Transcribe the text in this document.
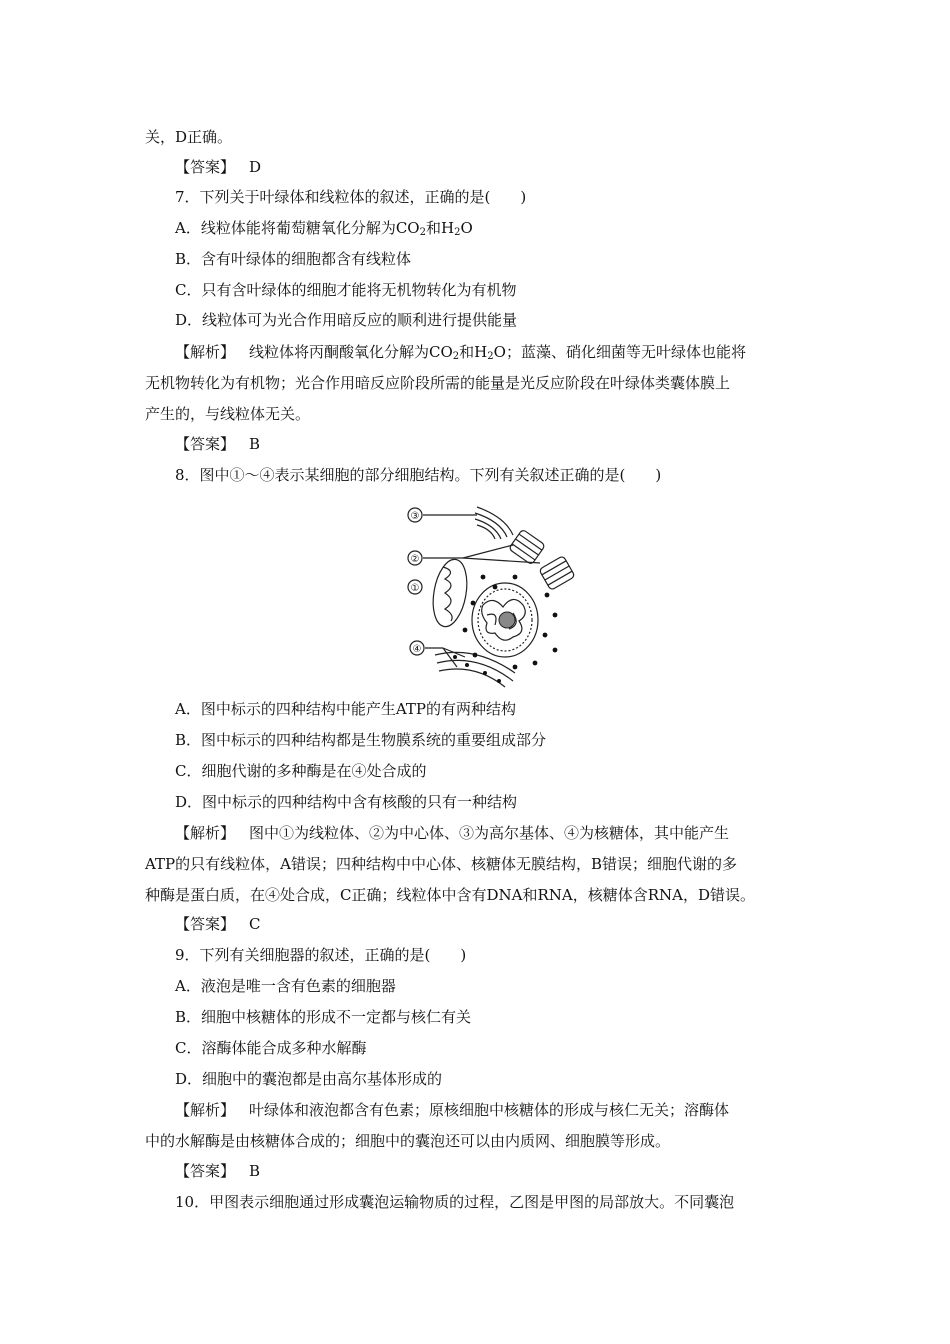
关，D正确。
【答案】 D
7．下列关于叶绿体和线粒体的叙述，正确的是(　　)
A．线粒体能将葡萄糖氧化分解为$CO_2$和$H_2O$
B．含有叶绿体的细胞都含有线粒体
C．只有含叶绿体的细胞才能将无机物转化为有机物
D．线粒体可为光合作用暗反应的顺利进行提供能量
【解析】 线粒体将丙酮酸氧化分解为$CO_2$和$H_2O$；蓝藻、硝化细菌等无叶绿体也能将
无机物转化为有机物；光合作用暗反应阶段所需的能量是光反应阶段在叶绿体类囊体膜上
产生的，与线粒体无关。
【答案】 B
8．图中①～④表示某细胞的部分细胞结构。下列有关叙述正确的是(　　)
③
②
①
④
A．图中标示的四种结构中能产生ATP的有两种结构
B．图中标示的四种结构都是生物膜系统的重要组成部分
C．细胞代谢的多种酶是在④处合成的
D．图中标示的四种结构中含有核酸的只有一种结构
【解析】 图中①为线粒体、②为中心体、③为高尔基体、④为核糖体，其中能产生
ATP的只有线粒体，A错误；四种结构中中心体、核糖体无膜结构，B错误；细胞代谢的多
种酶是蛋白质，在④处合成，C正确；线粒体中含有DNA和RNA，核糖体含RNA，D错误。
【答案】 C
9．下列有关细胞器的叙述，正确的是(　　)
A．液泡是唯一含有色素的细胞器
B．细胞中核糖体的形成不一定都与核仁有关
C．溶酶体能合成多种水解酶
D．细胞中的囊泡都是由高尔基体形成的
【解析】 叶绿体和液泡都含有色素；原核细胞中核糖体的形成与核仁无关；溶酶体
中的水解酶是由核糖体合成的；细胞中的囊泡还可以由内质网、细胞膜等形成。
【答案】 B
10．甲图表示细胞通过形成囊泡运输物质的过程，乙图是甲图的局部放大。不同囊泡
